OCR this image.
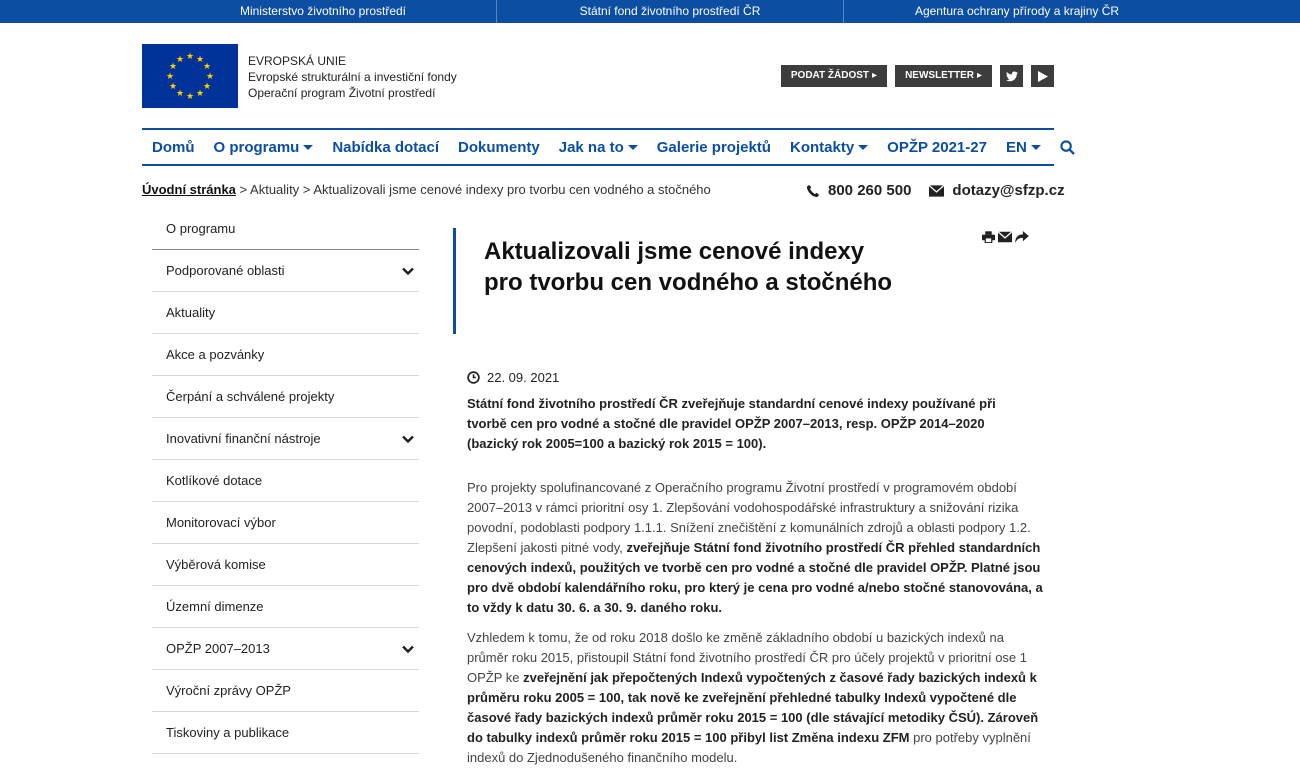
Ministerstvo životního prostředí	Státní fond životního prostředí ČR	Agentura ochrany přírody a krajiny ČR
★ ★
★
★
★
★
★
★
★
★
★
★	EVROPSKÁ UNIE
Evropské strukturální a investiční fondy
Operační program Životní prostředí
PODAT ŽÁDOST ▸	NEWSLETTER ▸
Domů O programu Nabídka dotací Dokumenty Jak na to Galerie projektů Kontakty OPŽP 2021-27 EN
Úvodní stránka > Aktuality > Aktualizovali jsme cenové indexy pro tvorbu cen vodného a stočného	800 260 500	dotazy@sfzp.cz
O programu
Podporované oblasti
Aktuality
Akce a pozvánky
Čerpání a schválené projekty
Inovativní finanční nástroje
Kotlíkové dotace
Monitorovací výbor
Výběrová komise
Územní dimenze
OPŽP 2007–2013
Výroční zprávy OPŽP
Tiskoviny a publikace
Aktualizovali jsme cenové indexy pro tvorbu cen vodného a stočného
22. 09. 2021

Státní fond životního prostředí ČR zveřejňuje standardní cenové indexy používané při tvorbě cen pro vodné a stočné dle pravidel OPŽP 2007–2013, resp. OPŽP 2014–2020 (bazický rok 2005=100 a bazický rok 2015 = 100).

Pro projekty spolufinancované z Operačního programu Životní prostředí v programovém období 2007–2013 v rámci prioritní osy 1. Zlepšování vodohospodářské infrastruktury a snižování rizika povodní, podoblasti podpory 1.1.1. Snížení znečištění z komunálních zdrojů a oblasti podpory 1.2. Zlepšení jakosti pitné vody, zveřejňuje Státní fond životního prostředí ČR přehled standardních cenových indexů, použitých ve tvorbě cen pro vodné a stočné dle pravidel OPŽP. Platné jsou pro dvě období kalendářního roku, pro který je cena pro vodné a/nebo stočné stanovována, a to vždy k datu 30. 6. a 30. 9. daného roku.

Vzhledem k tomu, že od roku 2018 došlo ke změně základního období u bazických indexů na průměr roku 2015, přistoupil Státní fond životního prostředí ČR pro účely projektů v prioritní ose 1 OPŽP ke zveřejnění jak přepočtených Indexů vypočtených z časové řady bazických indexů k průměru roku 2005 = 100, tak nově ke zveřejnění přehledné tabulky Indexů vypočtené dle časové řady bazických indexů průměr roku 2015 = 100 (dle stávající metodiky ČSÚ). Zároveň do tabulky indexů průměr roku 2015 = 100 přibyl list Změna indexu ZFM pro potřeby vyplnění indexů do Zjednodušeného finančního modelu.
